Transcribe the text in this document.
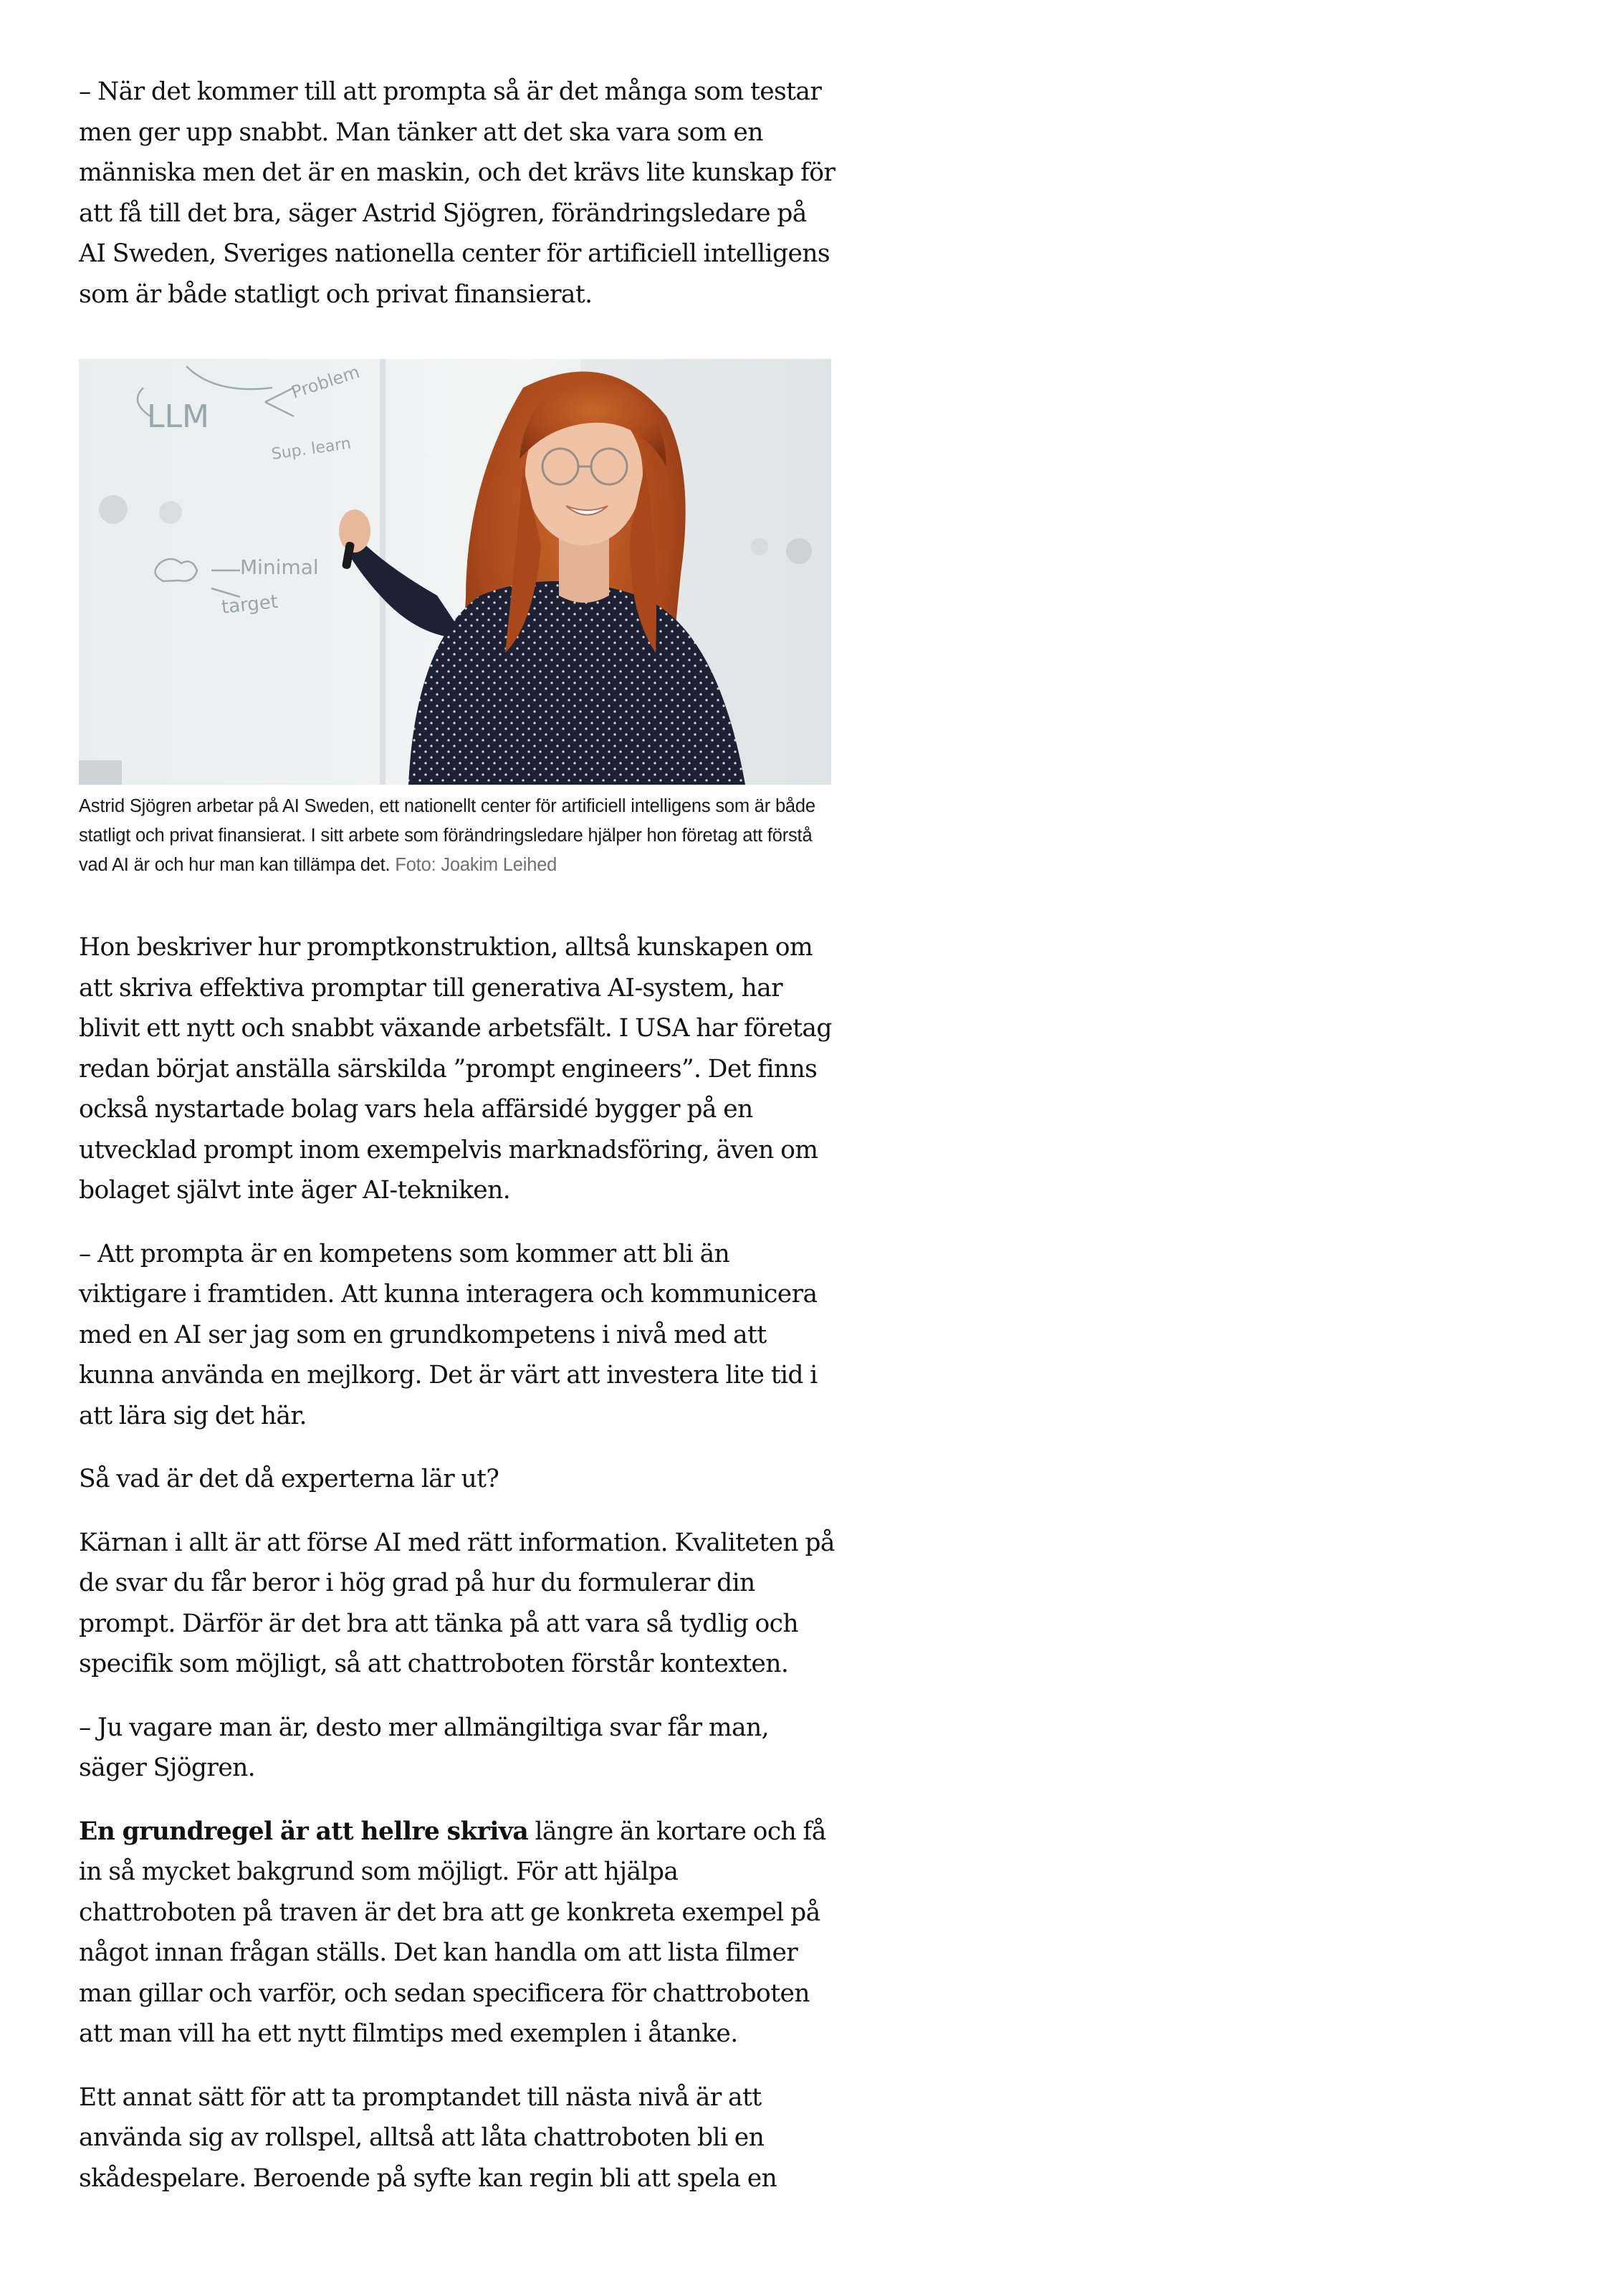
– När det kommer till att prompta så är det många som testar men ger upp snabbt. Man tänker att det ska vara som en människa men det är en maskin, och det krävs lite kunskap för att få till det bra, säger Astrid Sjögren, förändringsledare på AI Sweden, Sveriges nationella center för artificiell intelligens som är både statligt och privat finansierat.

LLM
Problem
Sup. learn
Minimal
target
Astrid Sjögren arbetar på AI Sweden, ett nationellt center för artificiell intelligens som är både statligt och privat finansierat. I sitt arbete som förändringsledare hjälper hon företag att förstå vad AI är och hur man kan tillämpa det. Foto: Joakim Leihed

Hon beskriver hur promptkonstruktion, alltså kunskapen om att skriva effektiva promptar till generativa AI-system, har blivit ett nytt och snabbt växande arbetsfält. I USA har företag redan börjat anställa särskilda ”prompt engineers”. Det finns också nystartade bolag vars hela affärsidé bygger på en utvecklad prompt inom exempelvis marknadsföring, även om bolaget självt inte äger AI-tekniken.

– Att prompta är en kompetens som kommer att bli än viktigare i framtiden. Att kunna interagera och kommunicera med en AI ser jag som en grundkompetens i nivå med att kunna använda en mejlkorg. Det är värt att investera lite tid i att lära sig det här.

Så vad är det då experterna lär ut?

Kärnan i allt är att förse AI med rätt information. Kvaliteten på de svar du får beror i hög grad på hur du formulerar din prompt. Därför är det bra att tänka på att vara så tydlig och specifik som möjligt, så att chattroboten förstår kontexten.

– Ju vagare man är, desto mer allmängiltiga svar får man, säger Sjögren.

En grundregel är att hellre skriva längre än kortare och få in så mycket bakgrund som möjligt. För att hjälpa chattroboten på traven är det bra att ge konkreta exempel på något innan frågan ställs. Det kan handla om att lista filmer man gillar och varför, och sedan specificera för chattroboten att man vill ha ett nytt filmtips med exemplen i åtanke.

Ett annat sätt för att ta promptandet till nästa nivå är att använda sig av rollspel, alltså att låta chattroboten bli en skådespelare. Beroende på syfte kan regin bli att spela en
